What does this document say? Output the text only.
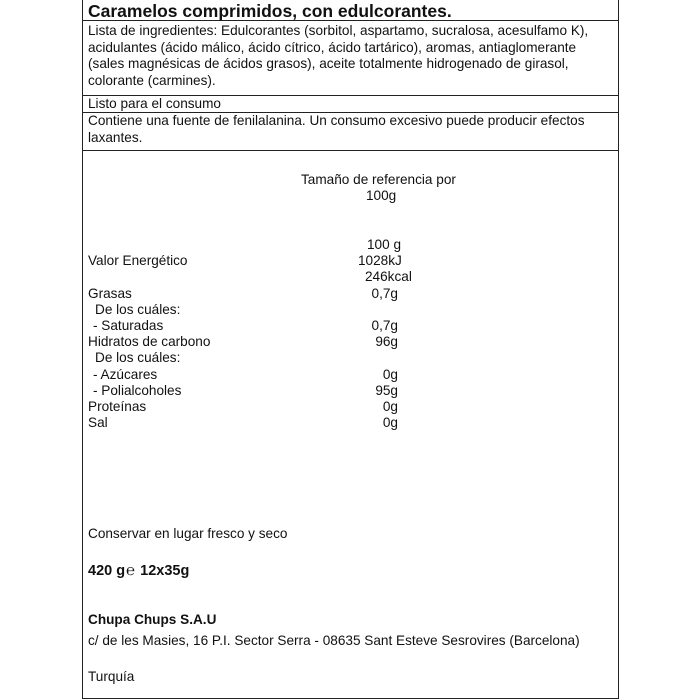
Caramelos comprimidos, con edulcorantes.
Lista de ingredientes: Edulcorantes (sorbitol, aspartamo, sucralosa, acesulfamo K), acidulantes (ácido málico, ácido cítrico, ácido tartárico), aromas, antiaglomerante (sales magnésicas de ácidos grasos), aceite totalmente hidrogenado de girasol, colorante (carmines).
Listo para el consumo
Contiene una fuente de fenilalanina. Un consumo excesivo puede producir efectos laxantes.
Tamaño de referencia por
100g
100 g
Valor Energético	1028kJ
246kcal
Grasas	0,7g
De los cuáles:
- Saturadas	0,7g
Hidratos de carbono	96g
De los cuáles:
- Azúcares	0g
- Polialcoholes	95g
Proteínas	0g
Sal	0g
Conservar en lugar fresco y seco
420 g℮ 12x35g
Chupa Chups S.A.U
c/ de les Masies, 16 P.I. Sector Serra - 08635 Sant Esteve Sesrovires (Barcelona)
Turquía
